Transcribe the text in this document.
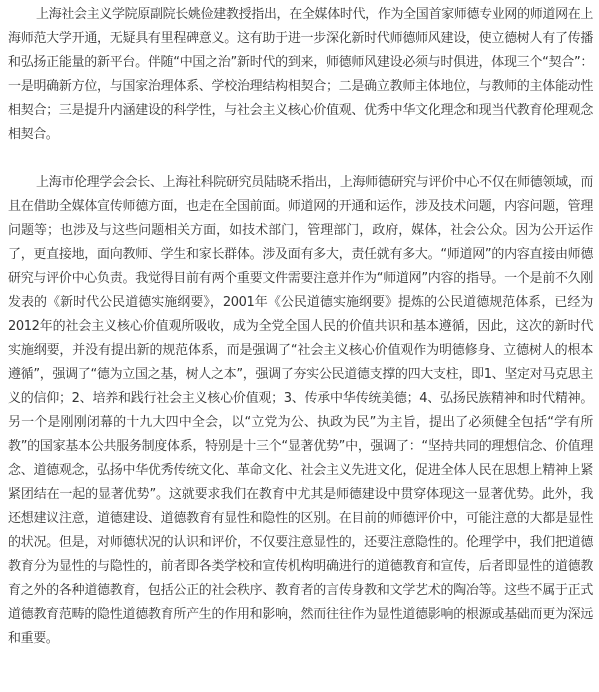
上海社会主义学院原副院长姚俭建教授指出，在全媒体时代，作为全国首家师德专业网的师道网在上海师范大学开通，无疑具有里程碑意义。这有助于进一步深化新时代师德师风建设，使立德树人有了传播和弘扬正能量的新平台。伴随“中国之治”新时代的到来，师德师风建设必须与时俱进，体现三个“契合”：一是明确新方位，与国家治理体系、学校治理结构相契合；二是确立教师主体地位，与教师的主体能动性相契合；三是提升内涵建设的科学性，与社会主义核心价值观、优秀中华文化理念和现当代教育伦理观念相契合。

上海市伦理学会会长、上海社科院研究员陆晓禾指出，上海师德研究与评价中心不仅在师德领域，而且在借助全媒体宣传师德方面，也走在全国前面。师道网的开通和运作，涉及技术问题，内容问题，管理问题等；也涉及与这些问题相关方面，如技术部门，管理部门，政府，媒体，社会公众。因为公开运作了，更直接地，面向教师、学生和家长群体。涉及面有多大，责任就有多大。“师道网”的内容直接由师德研究与评价中心负责。我觉得目前有两个重要文件需要注意并作为“师道网”内容的指导。一个是前不久刚发表的《新时代公民道德实施纲要》，2001年《公民道德实施纲要》提炼的公民道德规范体系，已经为2012年的社会主义核心价值观所吸收，成为全党全国人民的价值共识和基本遵循，因此，这次的新时代实施纲要，并没有提出新的规范体系，而是强调了“社会主义核心价值观作为明德修身、立德树人的根本遵循”，强调了“德为立国之基，树人之本”，强调了夯实公民道德支撑的四大支柱，即1、坚定对马克思主义的信仰；2、培养和践行社会主义核心价值观；3、传承中华传统美德；4、弘扬民族精神和时代精神。另一个是刚刚闭幕的十九大四中全会，以“立党为公、执政为民”为主旨，提出了必须健全包括“学有所教”的国家基本公共服务制度体系，特别是十三个“显著优势”中，强调了：“坚持共同的理想信念、价值理念、道德观念，弘扬中华优秀传统文化、革命文化、社会主义先进文化，促进全体人民在思想上精神上紧紧团结在一起的显著优势”。这就要求我们在教育中尤其是师德建设中贯穿体现这一显著优势。此外，我还想建议注意，道德建设、道德教育有显性和隐性的区别。在目前的师德评价中，可能注意的大都是显性的状况。但是，对师德状况的认识和评价，不仅要注意显性的，还要注意隐性的。伦理学中，我们把道德教育分为显性的与隐性的，前者即各类学校和宣传机构明确进行的道德教育和宣传，后者即显性的道德教育之外的各种道德教育，包括公正的社会秩序、教育者的言传身教和文学艺术的陶冶等。这些不属于正式道德教育范畴的隐性道德教育所产生的作用和影响，然而往往作为显性道德影响的根源或基础而更为深远和重要。
